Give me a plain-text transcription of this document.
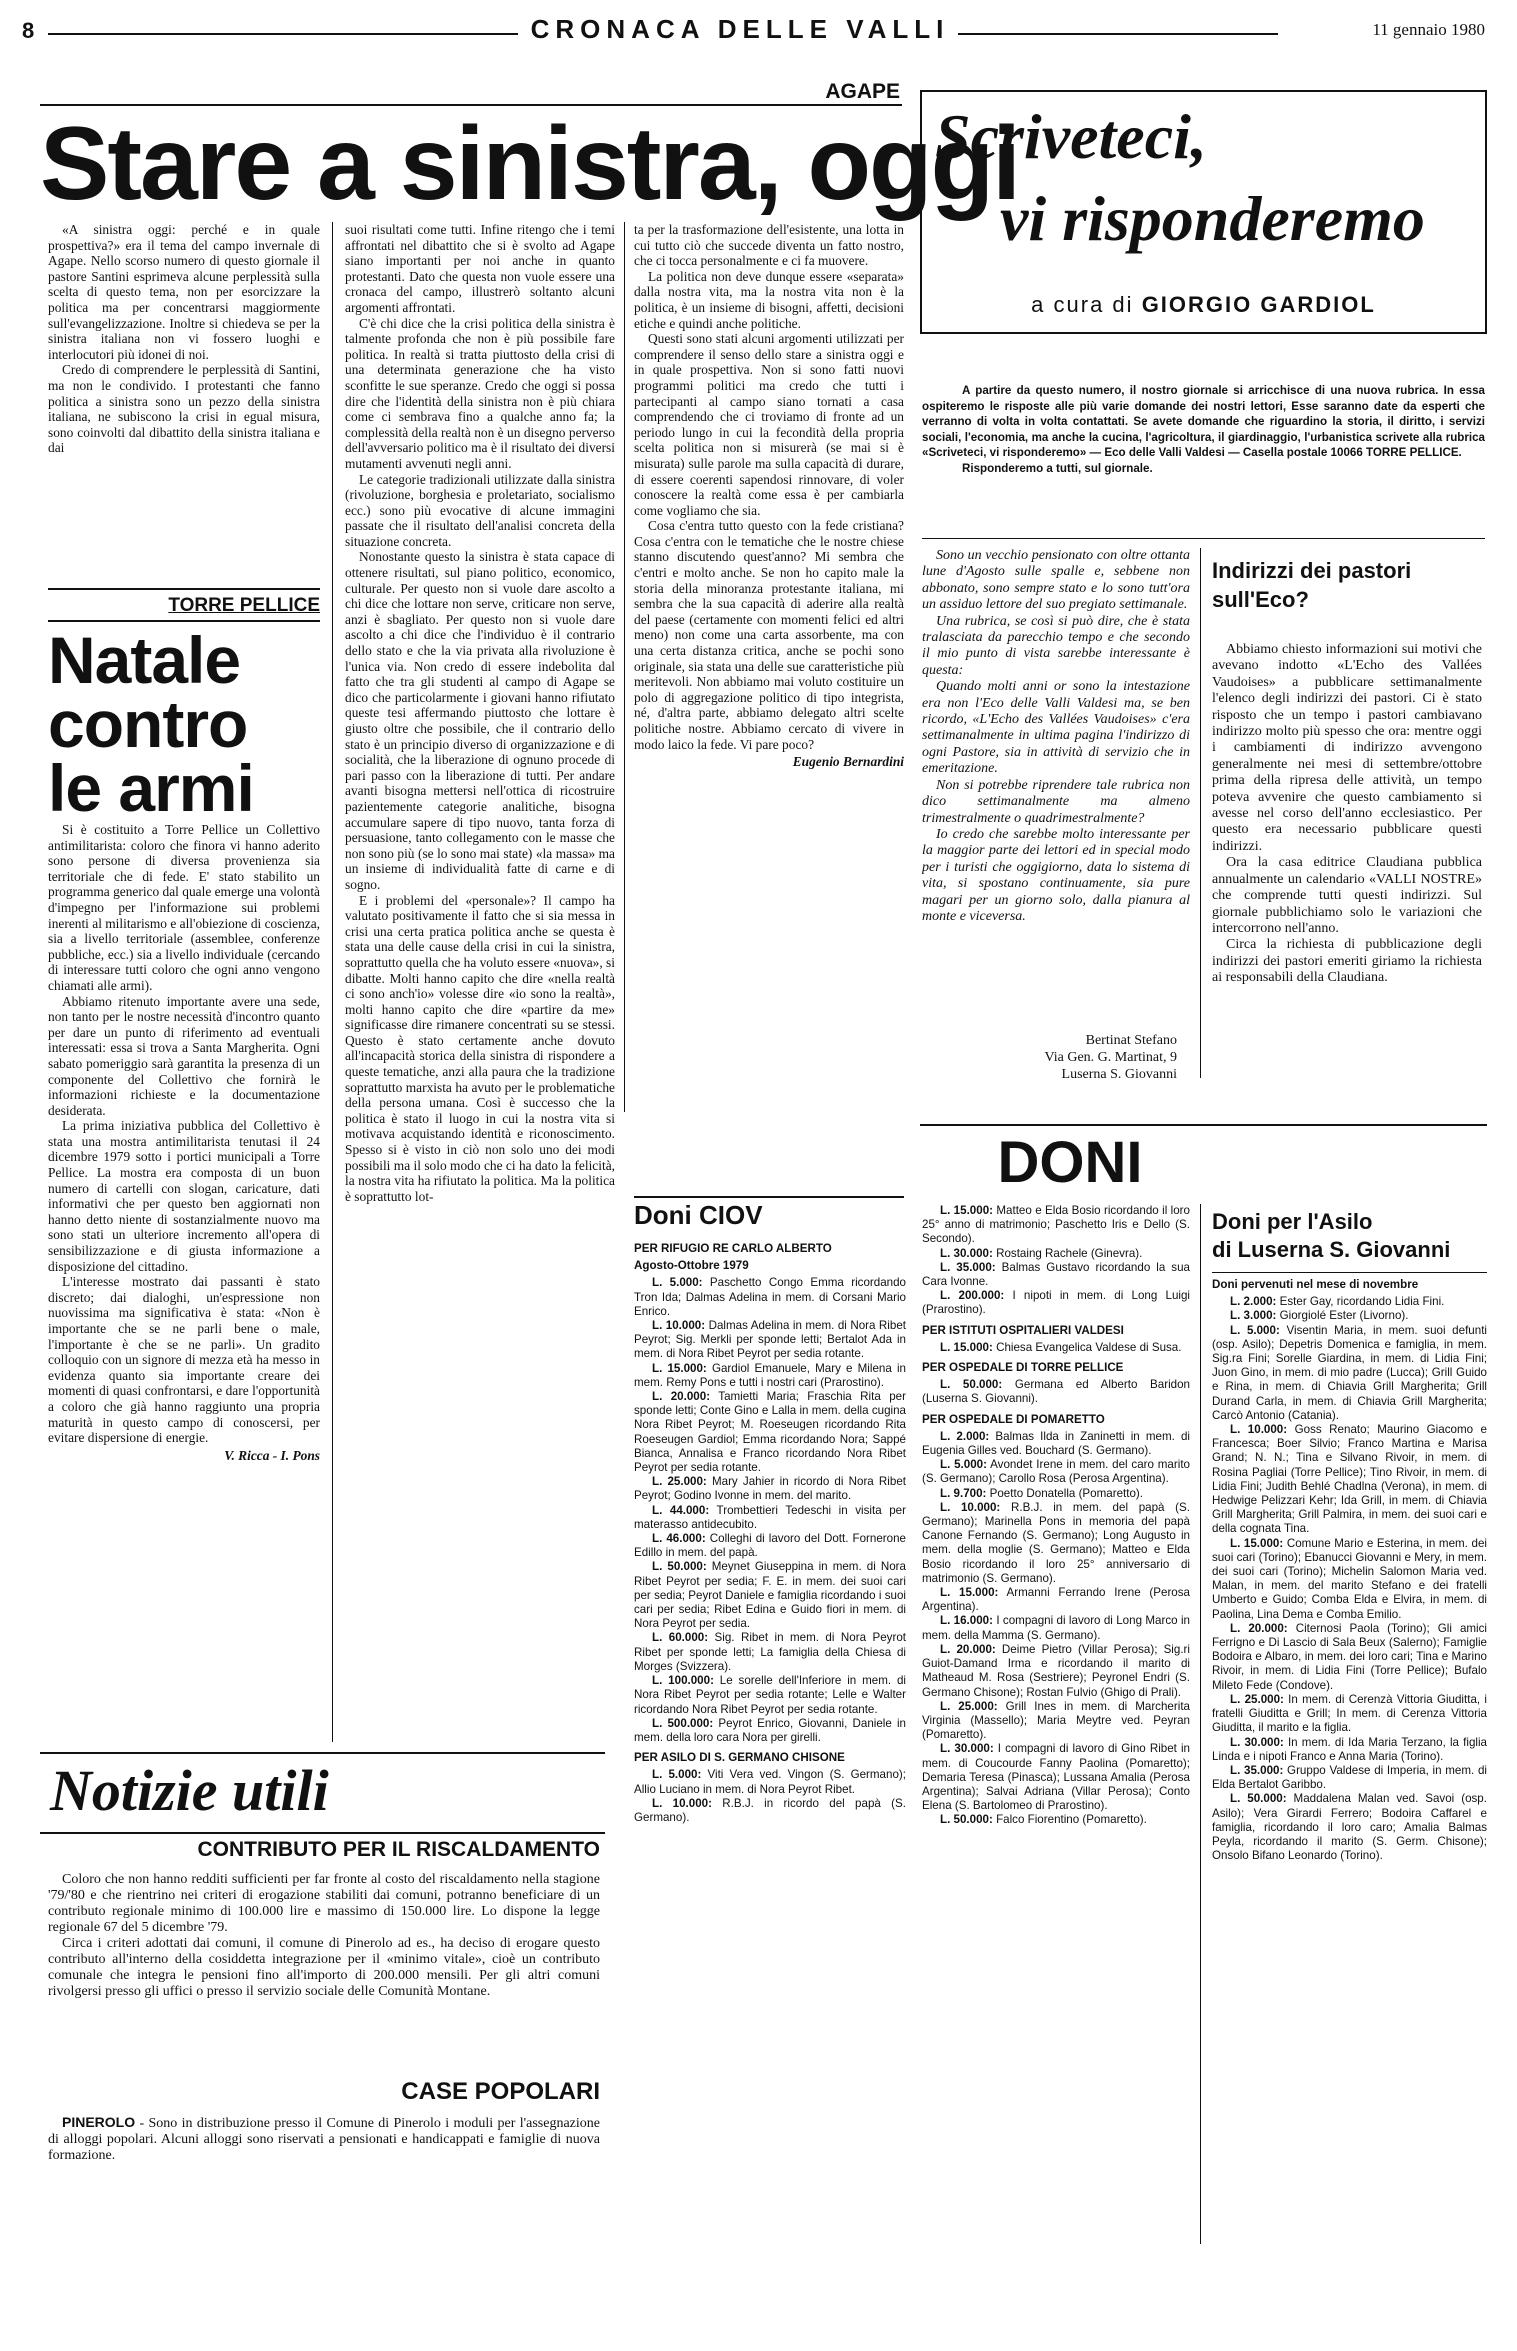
8	CRONACA DELLE VALLI	11 gennaio 1980
AGAPE
Stare a sinistra, oggi

«A sinistra oggi: perché e in quale prospettiva?» era il tema del campo invernale di Agape. Nello scorso numero di questo giornale il pastore Santini esprimeva alcune perplessità sulla scelta di questo tema, non per esorcizzare la politica ma per concentrarsi maggiormente sull'evangelizzazione. Inoltre si chiedeva se per la sinistra italiana non vi fossero luoghi e interlocutori più idonei di noi.

Credo di comprendere le perplessità di Santini, ma non le condivido. I protestanti che fanno politica a sinistra sono un pezzo della sinistra italiana, ne subiscono la crisi in egual misura, sono coinvolti dal dibattito della sinistra italiana e dai

suoi risultati come tutti. Infine ritengo che i temi affrontati nel dibattito che si è svolto ad Agape siano importanti per noi anche in quanto protestanti. Dato che questa non vuole essere una cronaca del campo, illustrerò soltanto alcuni argomenti affrontati.

C'è chi dice che la crisi politica della sinistra è talmente profonda che non è più possibile fare politica. In realtà si tratta piuttosto della crisi di una determinata generazione che ha visto sconfitte le sue speranze. Credo che oggi si possa dire che l'identità della sinistra non è più chiara come ci sembrava fino a qualche anno fa; la complessità della realtà non è un disegno perverso dell'avversario politico ma è il risultato dei diversi mutamenti avvenuti negli anni.

Le categorie tradizionali utilizzate dalla sinistra (rivoluzione, borghesia e proletariato, socialismo ecc.) sono più evocative di alcune immagini passate che il risultato dell'analisi concreta della situazione concreta.

Nonostante questo la sinistra è stata capace di ottenere risultati, sul piano politico, economico, culturale. Per questo non si vuole dare ascolto a chi dice che lottare non serve, criticare non serve, anzi è sbagliato. Per questo non si vuole dare ascolto a chi dice che l'individuo è il contrario dello stato e che la via privata alla rivoluzione è l'unica via. Non credo di essere indebolita dal fatto che tra gli studenti al campo di Agape se dico che particolarmente i giovani hanno rifiutato queste tesi affermando piuttosto che lottare è giusto oltre che possibile, che il contrario dello stato è un principio diverso di organizzazione e di socialità, che la liberazione di ognuno procede di pari passo con la liberazione di tutti. Per andare avanti bisogna mettersi nell'ottica di ricostruire pazientemente categorie analitiche, bisogna accumulare sapere di tipo nuovo, tanta forza di persuasione, tanto collegamento con le masse che non sono più (se lo sono mai state) «la massa» ma un insieme di individualità fatte di carne e di sogno.

E i problemi del «personale»? Il campo ha valutato positivamente il fatto che si sia messa in crisi una certa pratica politica anche se questa è stata una delle cause della crisi in cui la sinistra, soprattutto quella che ha voluto essere «nuova», si dibatte. Molti hanno capito che dire «nella realtà ci sono anch'io» volesse dire «io sono la realtà», molti hanno capito che dire «partire da me» significasse dire rimanere concentrati su se stessi. Questo è stato certamente anche dovuto all'incapacità storica della sinistra di rispondere a queste tematiche, anzi alla paura che la tradizione soprattutto marxista ha avuto per le problematiche della persona umana. Così è successo che la politica è stato il luogo in cui la nostra vita si motivava acquistando identità e riconoscimento. Spesso si è visto in ciò non solo uno dei modi possibili ma il solo modo che ci ha dato la felicità, la nostra vita ha rifiutato la politica. Ma la politica è soprattutto lot-

ta per la trasformazione dell'esistente, una lotta in cui tutto ciò che succede diventa un fatto nostro, che ci tocca personalmente e ci fa muovere.

La politica non deve dunque essere «separata» dalla nostra vita, ma la nostra vita non è la politica, è un insieme di bisogni, affetti, decisioni etiche e quindi anche politiche.

Questi sono stati alcuni argomenti utilizzati per comprendere il senso dello stare a sinistra oggi e in quale prospettiva. Non si sono fatti nuovi programmi politici ma credo che tutti i partecipanti al campo siano tornati a casa comprendendo che ci troviamo di fronte ad un periodo lungo in cui la fecondità della propria scelta politica non si misurerà (se mai si è misurata) sulle parole ma sulla capacità di durare, di essere coerenti sapendosi rinnovare, di voler conoscere la realtà come essa è per cambiarla come vogliamo che sia.

Cosa c'entra tutto questo con la fede cristiana? Cosa c'entra con le tematiche che le nostre chiese stanno discutendo quest'anno? Mi sembra che c'entri e molto anche. Se non ho capito male la storia della minoranza protestante italiana, mi sembra che la sua capacità di aderire alla realtà del paese (certamente con momenti felici ed altri meno) non come una carta assorbente, ma con una certa distanza critica, anche se pochi sono originale, sia stata una delle sue caratteristiche più meritevoli. Non abbiamo mai voluto costituire un polo di aggregazione politico di tipo integrista, né, d'altra parte, abbiamo delegato altri scelte politiche nostre. Abbiamo cercato di vivere in modo laico la fede. Vi pare poco?

Eugenio Bernardini
TORRE PELLICE
Natale
contro
le armi

Si è costituito a Torre Pellice un Collettivo antimilitarista: coloro che finora vi hanno aderito sono persone di diversa provenienza sia territoriale che di fede. E' stato stabilito un programma generico dal quale emerge una volontà d'impegno per l'informazione sui problemi inerenti al militarismo e all'obiezione di coscienza, sia a livello territoriale (assemblee, conferenze pubbliche, ecc.) sia a livello individuale (cercando di interessare tutti coloro che ogni anno vengono chiamati alle armi).

Abbiamo ritenuto importante avere una sede, non tanto per le nostre necessità d'incontro quanto per dare un punto di riferimento ad eventuali interessati: essa si trova a Santa Margherita. Ogni sabato pomeriggio sarà garantita la presenza di un componente del Collettivo che fornirà le informazioni richieste e la documentazione desiderata.

La prima iniziativa pubblica del Collettivo è stata una mostra antimilitarista tenutasi il 24 dicembre 1979 sotto i portici municipali a Torre Pellice. La mostra era composta di un buon numero di cartelli con slogan, caricature, dati informativi che per questo ben aggiornati non hanno detto niente di sostanzialmente nuovo ma sono stati un ulteriore incremento all'opera di sensibilizzazione e di giusta informazione a disposizione del cittadino.

L'interesse mostrato dai passanti è stato discreto; dai dialoghi, un'espressione non nuovissima ma significativa è stata: «Non è importante che se ne parli bene o male, l'importante è che se ne parli». Un gradito colloquio con un signore di mezza età ha messo in evidenza quanto sia importante creare dei momenti di quasi confrontarsi, e dare l'opportunità a coloro che già hanno raggiunto una propria maturità in questo campo di conoscersi, per evitare dispersione di energie.

V. Ricca - I. Pons
Notizie utili
CONTRIBUTO PER IL RISCALDAMENTO

Coloro che non hanno redditi sufficienti per far fronte al costo del riscaldamento nella stagione '79/'80 e che rientrino nei criteri di erogazione stabiliti dai comuni, potranno beneficiare di un contributo regionale minimo di 100.000 lire e massimo di 150.000 lire. Lo dispone la legge regionale 67 del 5 dicembre '79.

Circa i criteri adottati dai comuni, il comune di Pinerolo ad es., ha deciso di erogare questo contributo all'interno della cosiddetta integrazione per il «minimo vitale», cioè un contributo comunale che integra le pensioni fino all'importo di 200.000 mensili. Per gli altri comuni rivolgersi presso gli uffici o presso il servizio sociale delle Comunità Montane.

CASE POPOLARI

PINEROLO - Sono in distribuzione presso il Comune di Pinerolo i moduli per l'assegnazione di alloggi popolari. Alcuni alloggi sono riservati a pensionati e handicappati e famiglie di nuova formazione.

Scriveteci,
vi risponderemo
a cura di GIORGIO GARDIOL
A partire da questo numero, il nostro giornale si arricchisce di una nuova rubrica. In essa ospiteremo le risposte alle più varie domande dei nostri lettori, Esse saranno date da esperti che verranno di volta in volta contattati. Se avete domande che riguardino la storia, il diritto, i servizi sociali, l'economia, ma anche la cucina, l'agricoltura, il giardinaggio, l'urbanistica scrivete alla rubrica «Scriveteci, vi risponderemo» — Eco delle Valli Valdesi — Casella postale 10066 TORRE PELLICE.
Risponderemo a tutti, sul giornale.

Sono un vecchio pensionato con oltre ottanta lune d'Agosto sulle spalle e, sebbene non abbonato, sono sempre stato e lo sono tutt'ora un assiduo lettore del suo pregiato settimanale.

Una rubrica, se così si può dire, che è stata tralasciata da parecchio tempo e che secondo il mio punto di vista sarebbe interessante è questa:

Quando molti anni or sono la intestazione era non l'Eco delle Valli Valdesi ma, se ben ricordo, «L'Echo des Vallées Vaudoises» c'era settimanalmente in ultima pagina l'indirizzo di ogni Pastore, sia in attività di servizio che in emeritazione.

Non si potrebbe riprendere tale rubrica non dico settimanalmente ma almeno trimestralmente o quadrimestralmente?

Io credo che sarebbe molto interessante per la maggior parte dei lettori ed in special modo per i turisti che oggigiorno, data lo sistema di vita, si spostano continuamente, sia pure magari per un giorno solo, dalla pianura al monte e viceversa.

Bertinat Stefano
Via Gen. G. Martinat, 9
Luserna S. Giovanni
Indirizzi dei pastori sull'Eco?

Abbiamo chiesto informazioni sui motivi che avevano indotto «L'Echo des Vallées Vaudoises» a pubblicare settimanalmente l'elenco degli indirizzi dei pastori. Ci è stato risposto che un tempo i pastori cambiavano indirizzo molto più spesso che ora: mentre oggi i cambiamenti di indirizzo avvengono generalmente nei mesi di settembre/ottobre prima della ripresa delle attività, un tempo poteva avvenire che questo cambiamento si avesse nel corso dell'anno ecclesiastico. Per questo era necessario pubblicare questi indirizzi.

Ora la casa editrice Claudiana pubblica annualmente un calendario «VALLI NOSTRE» che comprende tutti questi indirizzi. Sul giornale pubblichiamo solo le variazioni che intercorrono nell'anno.

Circa la richiesta di pubblicazione degli indirizzi dei pastori emeriti giriamo la richiesta ai responsabili della Claudiana.

DONI
Doni CIOV
PER RIFUGIO RE CARLO ALBERTO
Agosto-Ottobre 1979

L. 5.000: Paschetto Congo Emma ricordando Tron Ida; Dalmas Adelina in mem. di Corsani Mario Enrico.

L. 10.000: Dalmas Adelina in mem. di Nora Ribet Peyrot; Sig. Merkli per sponde letti; Bertalot Ada in mem. di Nora Ribet Peyrot per sedia rotante.

L. 15.000: Gardiol Emanuele, Mary e Milena in mem. Remy Pons e tutti i nostri cari (Prarostino).

L. 20.000: Tamietti Maria; Fraschia Rita per sponde letti; Conte Gino e Lalla in mem. della cugina Nora Ribet Peyrot; M. Roeseugen ricordando Rita Roeseugen Gardiol; Emma ricordando Nora; Sappé Bianca, Annalisa e Franco ricordando Nora Ribet Peyrot per sedia rotante.

L. 25.000: Mary Jahier in ricordo di Nora Ribet Peyrot; Godino Ivonne in mem. del marito.

L. 44.000: Trombettieri Tedeschi in visita per materasso antidecubito.

L. 46.000: Colleghi di lavoro del Dott. Fornerone Edillo in mem. del papà.

L. 50.000: Meynet Giuseppina in mem. di Nora Ribet Peyrot per sedia; F. E. in mem. dei suoi cari per sedia; Peyrot Daniele e famiglia ricordando i suoi cari per sedia; Ribet Edina e Guido fiori in mem. di Nora Peyrot per sedia.

L. 60.000: Sig. Ribet in mem. di Nora Peyrot Ribet per sponde letti; La famiglia della Chiesa di Morges (Svizzera).

L. 100.000: Le sorelle dell'Inferiore in mem. di Nora Ribet Peyrot per sedia rotante; Lelle e Walter ricordando Nora Ribet Peyrot per sedia rotante.

L. 500.000: Peyrot Enrico, Giovanni, Daniele in mem. della loro cara Nora per girelli.

PER ASILO DI S. GERMANO CHISONE

L. 5.000: Viti Vera ved. Vingon (S. Germano); Allio Luciano in mem. di Nora Peyrot Ribet.

L. 10.000: R.B.J. in ricordo del papà (S. Germano).

L. 15.000: Matteo e Elda Bosio ricordando il loro 25° anno di matrimonio; Paschetto Iris e Dello (S. Secondo).

L. 30.000: Rostaing Rachele (Ginevra).

L. 35.000: Balmas Gustavo ricordando la sua Cara Ivonne.

L. 200.000: I nipoti in mem. di Long Luigi (Prarostino).

PER ISTITUTI OSPITALIERI VALDESI

L. 15.000: Chiesa Evangelica Valdese di Susa.

PER OSPEDALE DI TORRE PELLICE

L. 50.000: Germana ed Alberto Baridon (Luserna S. Giovanni).

PER OSPEDALE DI POMARETTO

L. 2.000: Balmas Ilda in Zaninetti in mem. di Eugenia Gilles ved. Bouchard (S. Germano).

L. 5.000: Avondet Irene in mem. del caro marito (S. Germano); Carollo Rosa (Perosa Argentina).

L. 9.700: Poetto Donatella (Pomaretto).

L. 10.000: R.B.J. in mem. del papà (S. Germano); Marinella Pons in memoria del papà Canone Fernando (S. Germano); Long Augusto in mem. della moglie (S. Germano); Matteo e Elda Bosio ricordando il loro 25° anniversario di matrimonio (S. Germano).

L. 15.000: Armanni Ferrando Irene (Perosa Argentina).

L. 16.000: I compagni di lavoro di Long Marco in mem. della Mamma (S. Germano).

L. 20.000: Deime Pietro (Villar Perosa); Sig.ri Guiot-Damand Irma e ricordando il marito di Matheaud M. Rosa (Sestriere); Peyronel Endri (S. Germano Chisone); Rostan Fulvio (Ghigo di Prali).

L. 25.000: Grill Ines in mem. di Marcherita Virginia (Massello); Maria Meytre ved. Peyran (Pomaretto).

L. 30.000: I compagni di lavoro di Gino Ribet in mem. di Coucourde Fanny Paolina (Pomaretto); Demaria Teresa (Pinasca); Lussana Amalia (Perosa Argentina); Salvai Adriana (Villar Perosa); Conto Elena (S. Bartolomeo di Prarostino).

L. 50.000: Falco Fiorentino (Pomaretto).

Doni per l'Asilo
di Luserna S. Giovanni
Doni pervenuti nel mese di novembre

L. 2.000: Ester Gay, ricordando Lidia Fini.

L. 3.000: Giorgiolé Ester (Livorno).

L. 5.000: Visentin Maria, in mem. suoi defunti (osp. Asilo); Depetris Domenica e famiglia, in mem. Sig.ra Fini; Sorelle Giardina, in mem. di Lidia Fini; Juon Gino, in mem. di mio padre (Lucca); Grill Guido e Rina, in mem. di Chiavia Grill Margherita; Grill Durand Carla, in mem. di Chiavia Grill Margherita; Carcò Antonio (Catania).

L. 10.000: Goss Renato; Maurino Giacomo e Francesca; Boer Silvio; Franco Martina e Marisa Grand; N. N.; Tina e Silvano Rivoir, in mem. di Rosina Pagliai (Torre Pellice); Tino Rivoir, in mem. di Lidia Fini; Judith Behlé Chadlna (Verona), in mem. di Hedwige Pelizzari Kehr; Ida Grill, in mem. di Chiavia Grill Margherita; Grill Palmira, in mem. dei suoi cari e della cognata Tina.

L. 15.000: Comune Mario e Esterina, in mem. dei suoi cari (Torino); Ebanucci Giovanni e Mery, in mem. dei suoi cari (Torino); Michelin Salomon Maria ved. Malan, in mem. del marito Stefano e dei fratelli Umberto e Guido; Comba Elda e Elvira, in mem. di Paolina, Lina Dema e Comba Emilio.

L. 20.000: Citernosi Paola (Torino); Gli amici Ferrigno e Di Lascio di Sala Beux (Salerno); Famiglie Bodoira e Albaro, in mem. dei loro cari; Tina e Marino Rivoir, in mem. di Lidia Fini (Torre Pellice); Bufalo Mileto Fede (Condove).

L. 25.000: In mem. di Cerenzà Vittoria Giuditta, i fratelli Giuditta e Grill; In mem. di Cerenza Vittoria Giuditta, il marito e la figlia.

L. 30.000: In mem. di Ida Maria Terzano, la figlia Linda e i nipoti Franco e Anna Maria (Torino).

L. 35.000: Gruppo Valdese di Imperia, in mem. di Elda Bertalot Garibbo.

L. 50.000: Maddalena Malan ved. Savoi (osp. Asilo); Vera Girardi Ferrero; Bodoira Caffarel e famiglia, ricordando il loro caro; Amalia Balmas Peyla, ricordando il marito (S. Germ. Chisone); Onsolo Bifano Leonardo (Torino).
